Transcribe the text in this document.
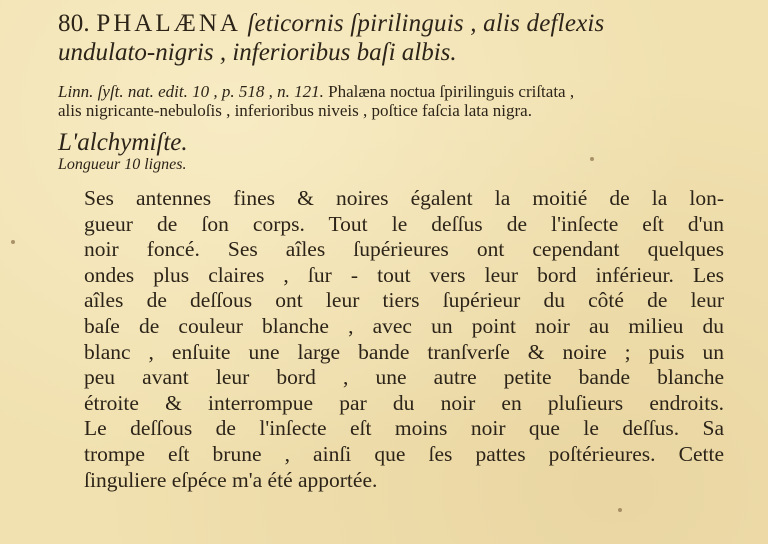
80. PHALÆNA ſeticornis ſpirilinguis , alis deflexis
undulato-nigris , inferioribus baſi albis.
Linn. ſyſt. nat. edit. 10 , p. 518 , n. 121. Phalæna noctua ſpirilinguis criſtata ,
alis nigricante-nebuloſis , inferioribus niveis , poſtice faſcia lata nigra.
L'alchymiſte.
Longueur 10 lignes.
Ses antennes fines & noires égalent la moitié de la lon-
gueur de ſon corps. Tout le deſſus de l'inſecte eſt d'un
noir foncé. Ses aîles ſupérieures ont cependant quelques
ondes plus claires , ſur - tout vers leur bord inférieur. Les
aîles de deſſous ont leur tiers ſupérieur du côté de leur
baſe de couleur blanche , avec un point noir au milieu du
blanc , enſuite une large bande tranſverſe & noire ; puis un
peu avant leur bord , une autre petite bande blanche
étroite & interrompue par du noir en pluſieurs endroits.
Le deſſous de l'inſecte eſt moins noir que le deſſus. Sa
trompe eſt brune , ainſi que ſes pattes poſtérieures. Cette
ſinguliere eſpéce m'a été apportée.
